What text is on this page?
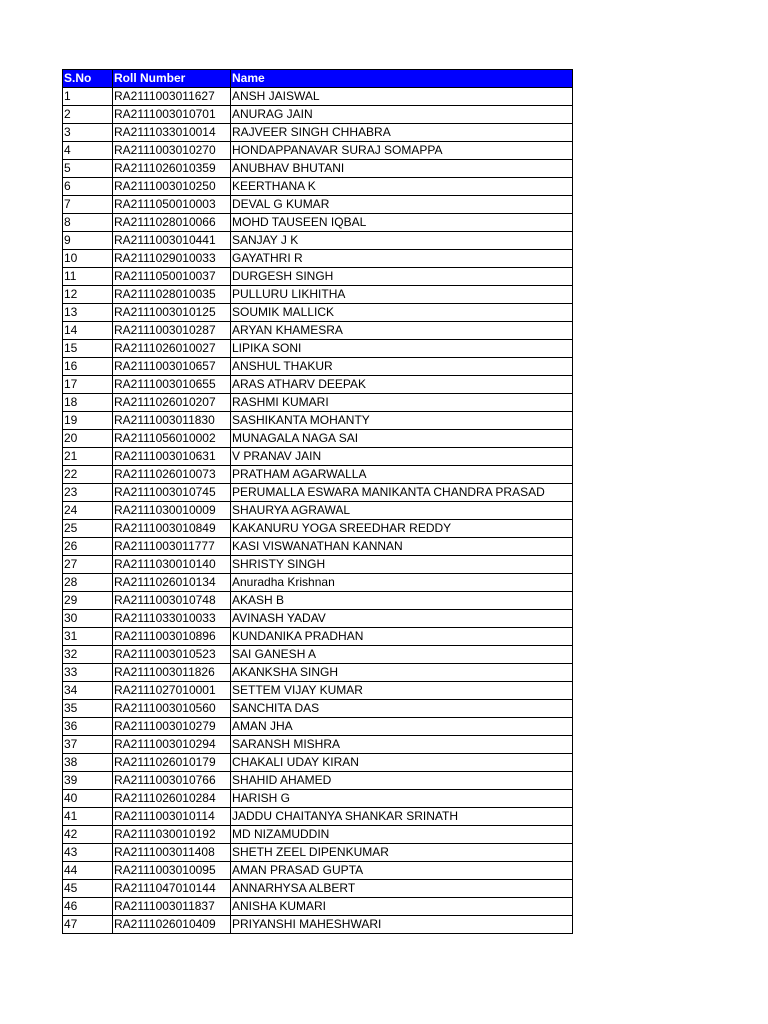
S.No	Roll Number	Name
1	RA2111003011627	ANSH JAISWAL
2	RA2111003010701	ANURAG JAIN
3	RA2111033010014	RAJVEER SINGH CHHABRA
4	RA2111003010270	HONDAPPANAVAR SURAJ SOMAPPA
5	RA2111026010359	ANUBHAV BHUTANI
6	RA2111003010250	KEERTHANA K
7	RA2111050010003	DEVAL G KUMAR
8	RA2111028010066	MOHD TAUSEEN IQBAL
9	RA2111003010441	SANJAY J K
10	RA2111029010033	GAYATHRI R
11	RA2111050010037	DURGESH SINGH
12	RA2111028010035	PULLURU LIKHITHA
13	RA2111003010125	SOUMIK MALLICK
14	RA2111003010287	ARYAN KHAMESRA
15	RA2111026010027	LIPIKA SONI
16	RA2111003010657	ANSHUL THAKUR
17	RA2111003010655	ARAS ATHARV DEEPAK
18	RA2111026010207	RASHMI KUMARI
19	RA2111003011830	SASHIKANTA MOHANTY
20	RA2111056010002	MUNAGALA NAGA SAI
21	RA2111003010631	V PRANAV JAIN
22	RA2111026010073	PRATHAM AGARWALLA
23	RA2111003010745	PERUMALLA ESWARA MANIKANTA CHANDRA PRASAD
24	RA2111030010009	SHAURYA AGRAWAL
25	RA2111003010849	KAKANURU YOGA SREEDHAR REDDY
26	RA2111003011777	KASI VISWANATHAN KANNAN
27	RA2111030010140	SHRISTY SINGH
28	RA2111026010134	Anuradha Krishnan
29	RA2111003010748	AKASH B
30	RA2111033010033	AVINASH YADAV
31	RA2111003010896	KUNDANIKA PRADHAN
32	RA2111003010523	SAI GANESH A
33	RA2111003011826	AKANKSHA SINGH
34	RA2111027010001	SETTEM VIJAY KUMAR
35	RA2111003010560	SANCHITA DAS
36	RA2111003010279	AMAN JHA
37	RA2111003010294	SARANSH MISHRA
38	RA2111026010179	CHAKALI UDAY KIRAN
39	RA2111003010766	SHAHID AHAMED
40	RA2111026010284	HARISH G
41	RA2111003010114	JADDU CHAITANYA SHANKAR SRINATH
42	RA2111030010192	MD NIZAMUDDIN
43	RA2111003011408	SHETH ZEEL DIPENKUMAR
44	RA2111003010095	AMAN PRASAD GUPTA
45	RA2111047010144	ANNARHYSA ALBERT
46	RA2111003011837	ANISHA KUMARI
47	RA2111026010409	PRIYANSHI MAHESHWARI
